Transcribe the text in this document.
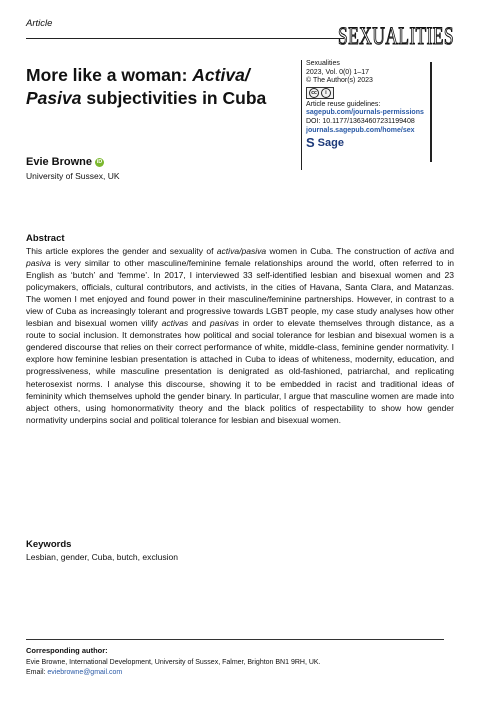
Article	SEXUALITIES
Sexualities
2023, Vol. 0(0) 1–17
© The Author(s) 2023
cc	i
Article reuse guidelines:
sagepub.com/journals-permissions
DOI: 10.1177/13634607231199408
journals.sagepub.com/home/sex
S Sage
More like a woman: Activa/ Pasiva subjectivities in Cuba
Evie Browne iD
University of Sussex, UK
Abstract
This article explores the gender and sexuality of activa/pasiva women in Cuba. The construction of activa and pasiva is very similar to other masculine/feminine female relationships around the world, often referred to in English as ‘butch’ and ‘femme’. In 2017, I interviewed 33 self-identified lesbian and bisexual women and 23 policymakers, officials, cultural contributors, and activists, in the cities of Havana, Santa Clara, and Matanzas. The women I met enjoyed and found power in their masculine/feminine partnerships. However, in contrast to a view of Cuba as increasingly tolerant and progressive towards LGBT people, my case study analyses how other lesbian and bisexual women vilify activas and pasivas in order to elevate themselves through distance, as a route to social inclusion. It demonstrates how political and social tolerance for lesbian and bisexual women is a gendered discourse that relies on their correct performance of white, middle-class, feminine gender normativity. I explore how feminine lesbian presentation is attached in Cuba to ideas of whiteness, modernity, education, and progressiveness, while masculine presentation is denigrated as old-fashioned, patriarchal, and replicating heterosexist norms. I analyse this discourse, showing it to be embedded in racist and traditional ideas of femininity which themselves uphold the gender binary. In particular, I argue that masculine women are made into abject others, using homonormativity theory and the black politics of respectability to show how gender normativity underpins social and political tolerance for lesbian and bisexual women.
Keywords
Lesbian, gender, Cuba, butch, exclusion
Corresponding author:
Evie Browne, International Development, University of Sussex, Falmer, Brighton BN1 9RH, UK.
Email: eviebrowne@gmail.com
